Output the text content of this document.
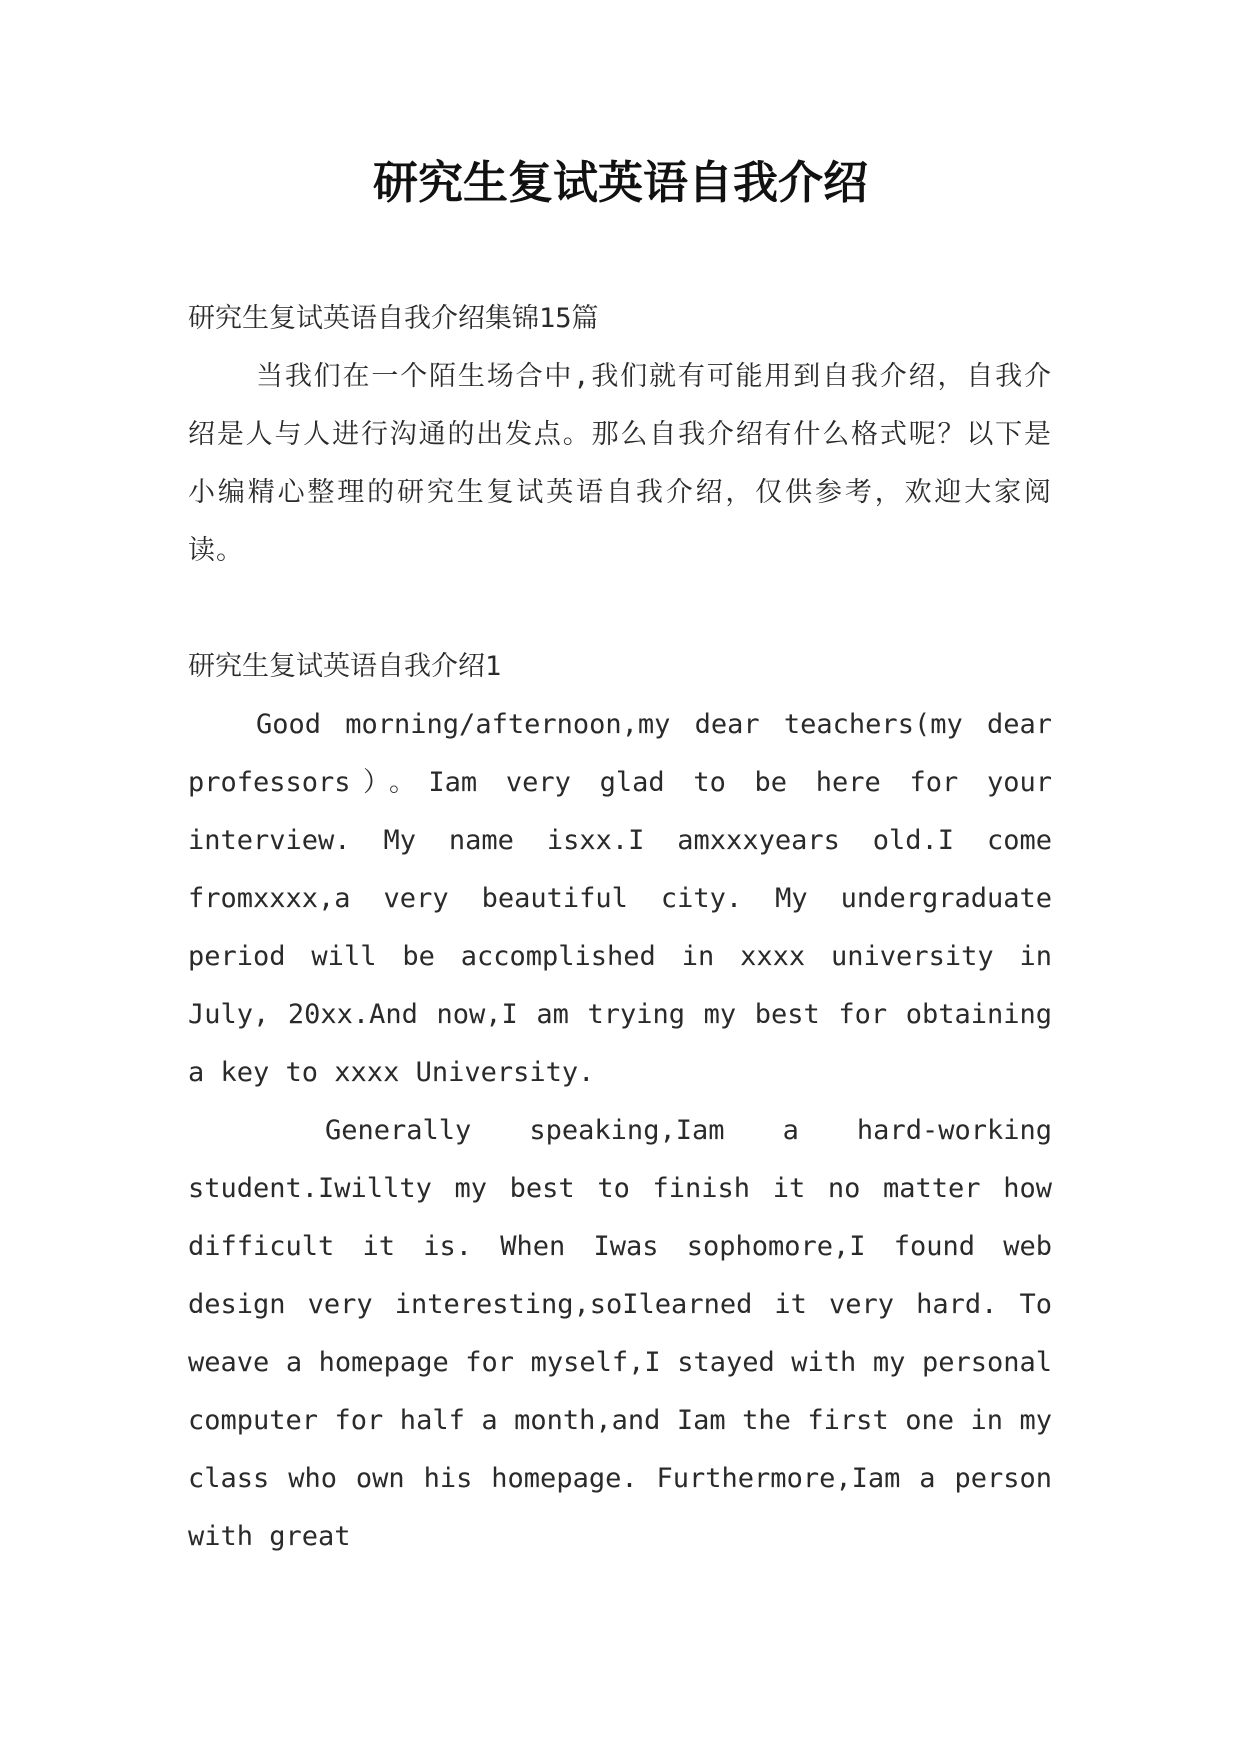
研究生复试英语自我介绍

研究生复试英语自我介绍集锦15篇

当我们在一个陌生场合中,我们就有可能用到自我介绍，自我介绍是人与人进行沟通的出发点。那么自我介绍有什么格式呢？以下是小编精心整理的研究生复试英语自我介绍，仅供参考，欢迎大家阅读。

研究生复试英语自我介绍1

Good morning/afternoon,my dear teachers(my dear professors）。Iam very glad to be here for your interview. My name isxx.I amxxxyears old.I come fromxxxx,a very beautiful city. My undergraduate period will be accomplished in xxxx university in July, 20xx.And now,I am trying my best for obtaining a key to xxxx University.

Generally speaking,Iam a hard-working student.Iwillty my best to finish it no matter how difficult it is. When Iwas sophomore,I found web design very interesting,soIlearned it very hard. To weave a homepage for myself,I stayed with my personal computer for half a month,and Iam the first one in my class who own his homepage. Furthermore,Iam a person with great
